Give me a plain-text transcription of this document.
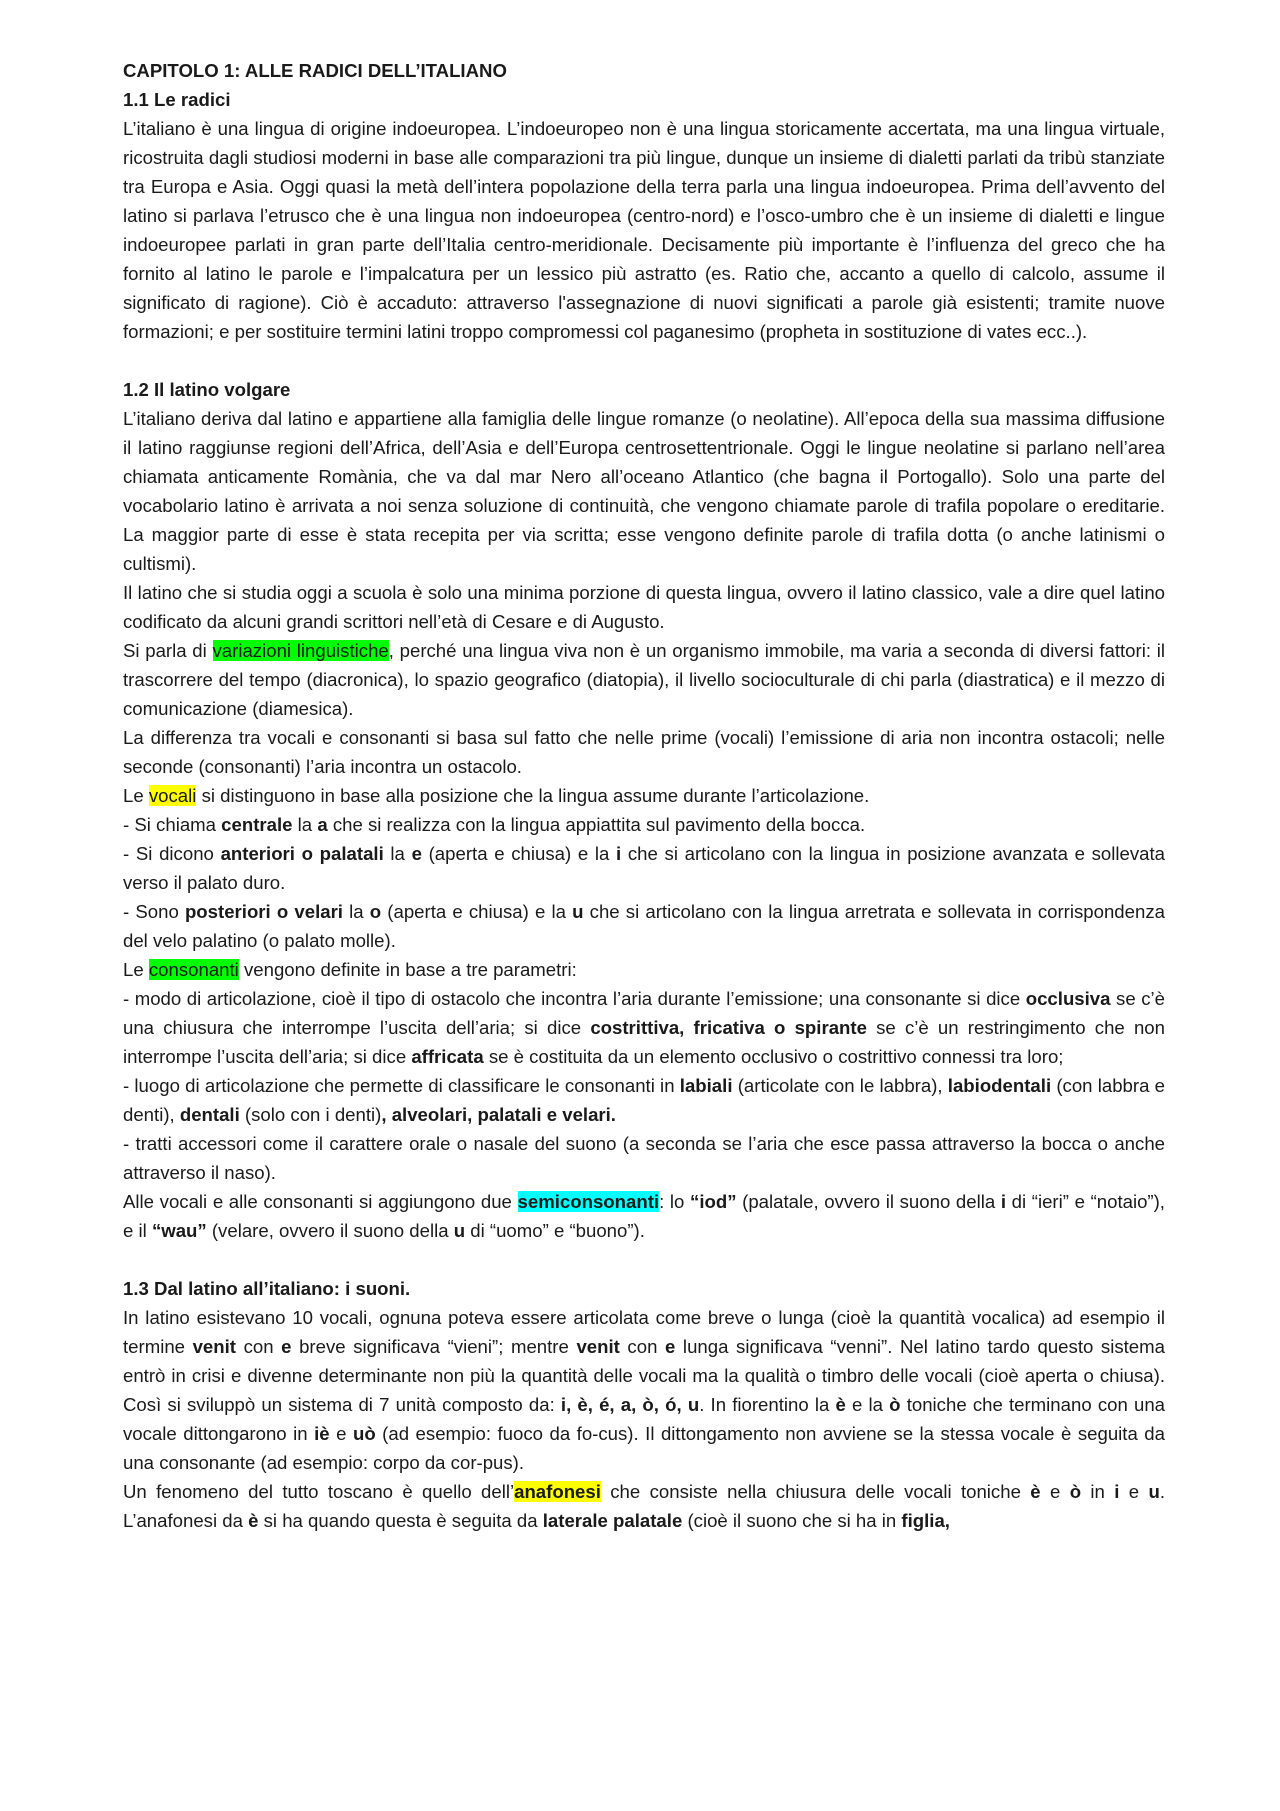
CAPITOLO 1: ALLE RADICI DELL’ITALIANO
1.1 Le radici

L’italiano è una lingua di origine indoeuropea. L’indoeuropeo non è una lingua storicamente accertata, ma una lingua virtuale, ricostruita dagli studiosi moderni in base alle comparazioni tra più lingue, dunque un insieme di dialetti parlati da tribù stanziate tra Europa e Asia. Oggi quasi la metà dell’intera popolazione della terra parla una lingua indoeuropea. Prima dell’avvento del latino si parlava l’etrusco che è una lingua non indoeuropea (centro-nord) e l’osco-umbro che è un insieme di dialetti e lingue indoeuropee parlati in gran parte dell’Italia centro-meridionale. Decisamente più importante è l’influenza del greco che ha fornito al latino le parole e l’impalcatura per un lessico più astratto (es. Ratio che, accanto a quello di calcolo, assume il significato di ragione). Ciò è accaduto: attraverso l'assegnazione di nuovi significati a parole già esistenti; tramite nuove formazioni; e per sostituire termini latini troppo compromessi col paganesimo (propheta in sostituzione di vates ecc..).

1.2 Il latino volgare

L’italiano deriva dal latino e appartiene alla famiglia delle lingue romanze (o neolatine). All’epoca della sua massima diffusione il latino raggiunse regioni dell’Africa, dell’Asia e dell’Europa centrosettentrionale. Oggi le lingue neolatine si parlano nell’area chiamata anticamente Romània, che va dal mar Nero all’oceano Atlantico (che bagna il Portogallo). Solo una parte del vocabolario latino è arrivata a noi senza soluzione di continuità, che vengono chiamate parole di trafila popolare o ereditarie. La maggior parte di esse è stata recepita per via scritta; esse vengono definite parole di trafila dotta (o anche latinismi o cultismi).

Il latino che si studia oggi a scuola è solo una minima porzione di questa lingua, ovvero il latino classico, vale a dire quel latino codificato da alcuni grandi scrittori nell’età di Cesare e di Augusto.

Si parla di variazioni linguistiche, perché una lingua viva non è un organismo immobile, ma varia a seconda di diversi fattori: il trascorrere del tempo (diacronica), lo spazio geografico (diatopia), il livello socioculturale di chi parla (diastratica) e il mezzo di comunicazione (diamesica).

La differenza tra vocali e consonanti si basa sul fatto che nelle prime (vocali) l’emissione di aria non incontra ostacoli; nelle seconde (consonanti) l’aria incontra un ostacolo.

Le vocali si distinguono in base alla posizione che la lingua assume durante l’articolazione.

- Si chiama centrale la a che si realizza con la lingua appiattita sul pavimento della bocca.

- Si dicono anteriori o palatali la e (aperta e chiusa) e la i che si articolano con la lingua in posizione avanzata e sollevata verso il palato duro.

- Sono posteriori o velari la o (aperta e chiusa) e la u che si articolano con la lingua arretrata e sollevata in corrispondenza del velo palatino (o palato molle).

Le consonanti vengono definite in base a tre parametri:

- modo di articolazione, cioè il tipo di ostacolo che incontra l’aria durante l’emissione; una consonante si dice occlusiva se c’è una chiusura che interrompe l’uscita dell’aria; si dice costrittiva, fricativa o spirante se c’è un restringimento che non interrompe l’uscita dell’aria; si dice affricata se è costituita da un elemento occlusivo o costrittivo connessi tra loro;

- luogo di articolazione che permette di classificare le consonanti in labiali (articolate con le labbra), labiodentali (con labbra e denti), dentali (solo con i denti), alveolari, palatali e velari.

- tratti accessori come il carattere orale o nasale del suono (a seconda se l’aria che esce passa attraverso la bocca o anche attraverso il naso).

Alle vocali e alle consonanti si aggiungono due semiconsonanti: lo “iod” (palatale, ovvero il suono della i di “ieri” e “notaio”), e il “wau” (velare, ovvero il suono della u di “uomo” e “buono”).

1.3 Dal latino all’italiano: i suoni.

In latino esistevano 10 vocali, ognuna poteva essere articolata come breve o lunga (cioè la quantità vocalica) ad esempio il termine venit con e breve significava “vieni”; mentre venit con e lunga significava “venni”. Nel latino tardo questo sistema entrò in crisi e divenne determinante non più la quantità delle vocali ma la qualità o timbro delle vocali (cioè aperta o chiusa). Così si sviluppò un sistema di 7 unità composto da: i, è, é, a, ò, ó, u. In fiorentino la è e la ò toniche che terminano con una vocale dittongarono in iè e uò (ad esempio: fuoco da fo-cus). Il dittongamento non avviene se la stessa vocale è seguita da una consonante (ad esempio: corpo da cor-pus).

Un fenomeno del tutto toscano è quello dell’anafonesi che consiste nella chiusura delle vocali toniche è e ò in i e u. L’anafonesi da è si ha quando questa è seguita da laterale palatale (cioè il suono che si ha in figlia,
